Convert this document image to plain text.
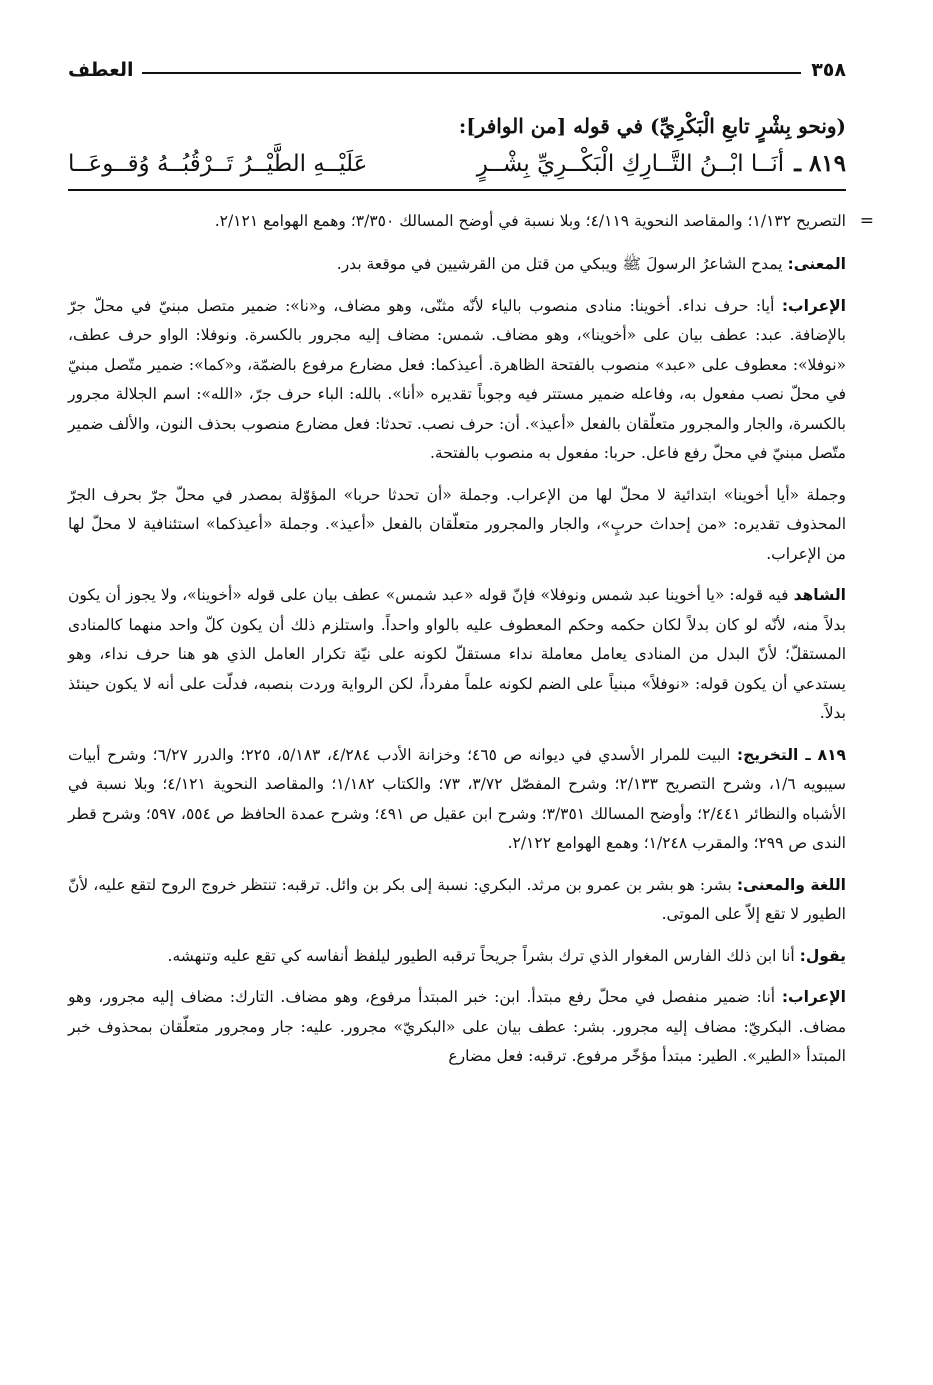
٣٥٨
العطف
(ونحو بِشْرٍ تابعِ الْبَكْرِيِّ) في قوله [من الوافر]:
٨١٩ ـ
أنَــا ابْــنُ التَّــارِكِ الْبَكْــرِيِّ بِشْــرٍ
عَلَيْــهِ الطَّيْــرُ تَــرْقُبُــهُ وُقــوعَــا
=
التصريح ١/١٣٢؛ والمقاصد النحوية ٤/١١٩؛ وبلا نسبة في أوضح المسالك ٣/٣٥٠؛ وهمع الهوامع ٢/١٢١.
المعنى: يمدح الشاعرُ الرسولَ ﷺ ويبكي من قتل من القرشيين في موقعة بدر.
الإعراب: أيا: حرف نداء. أخوينا: منادى منصوب بالياء لأنّه مثنّى، وهو مضاف، و«نا»: ضمير متصل مبنيّ في محلّ جرّ بالإضافة. عبد: عطف بيان على «أخوينا»، وهو مضاف. شمس: مضاف إليه مجرور بالكسرة. ونوفلا: الواو حرف عطف، «نوفلا»: معطوف على «عبد» منصوب بالفتحة الظاهرة. أعيذكما: فعل مضارع مرفوع بالضمّة، و«كما»: ضمير متّصل مبنيّ في محلّ نصب مفعول به، وفاعله ضمير مستتر فيه وجوباً تقديره «أنا». بالله: الباء حرف جرّ، «الله»: اسم الجلالة مجرور بالكسرة، والجار والمجرور متعلّقان بالفعل «أعيذ». أن: حرف نصب. تحدثا: فعل مضارع منصوب بحذف النون، والألف ضمير متّصل مبنيّ في محلّ رفع فاعل. حربا: مفعول به منصوب بالفتحة.
وجملة «أيا أخوينا» ابتدائية لا محلّ لها من الإعراب. وجملة «أن تحدثا حربا» المؤوّلة بمصدر في محلّ جرّ بحرف الجرّ المحذوف تقديره: «من إحداث حربٍ»، والجار والمجرور متعلّقان بالفعل «أعيذ». وجملة «أعيذكما» استئنافية لا محلّ لها من الإعراب.
الشاهد فيه قوله: «يا أخوينا عبد شمس ونوفلا» فإنّ قوله «عبد شمس» عطف بيان على قوله «أخوينا»، ولا يجوز أن يكون بدلاً منه، لأنّه لو كان بدلاً لكان حكمه وحكم المعطوف عليه بالواو واحداً. واستلزم ذلك أن يكون كلّ واحد منهما كالمنادى المستقلّ؛ لأنّ البدل من المنادى يعامل معاملة نداء مستقلّ لكونه على نيّة تكرار العامل الذي هو هنا حرف نداء، وهو يستدعي أن يكون قوله: «نوفلاً» مبنياً على الضم لكونه علماً مفرداً، لكن الرواية وردت بنصبه، فدلّت على أنه لا يكون حينئذ بدلاً.
٨١٩ ـ التخريج: البيت للمرار الأسدي في ديوانه ص ٤٦٥؛ وخزانة الأدب ٤/٢٨٤، ٥/١٨٣، ٢٢٥؛ والدرر ٦/٢٧؛ وشرح أبيات سيبويه ١/٦، وشرح التصريح ٢/١٣٣؛ وشرح المفصّل ٣/٧٢، ٧٣؛ والكتاب ١/١٨٢؛ والمقاصد النحوية ٤/١٢١؛ وبلا نسبة في الأشباه والنظائر ٢/٤٤١؛ وأوضح المسالك ٣/٣٥١؛ وشرح ابن عقيل ص ٤٩١؛ وشرح عمدة الحافظ ص ٥٥٤، ٥٩٧؛ وشرح قطر الندى ص ٢٩٩؛ والمقرب ١/٢٤٨؛ وهمع الهوامع ٢/١٢٢.
اللغة والمعنى: بشر: هو بشر بن عمرو بن مرثد. البكري: نسبة إلى بكر بن وائل. ترقبه: تنتظر خروج الروح لتقع عليه، لأنّ الطيور لا تقع إلاّ على الموتى.
يقول: أنا ابن ذلك الفارس المغوار الذي ترك بشراً جريحاً ترقبه الطيور ليلفظ أنفاسه كي تقع عليه وتنهشه.
الإعراب: أنا: ضمير منفصل في محلّ رفع مبتدأ. ابن: خبر المبتدأ مرفوع، وهو مضاف. التارك: مضاف إليه مجرور، وهو مضاف. البكريّ: مضاف إليه مجرور. بشر: عطف بيان على «البكريّ» مجرور. عليه: جار ومجرور متعلّقان بمحذوف خبر المبتدأ «الطير». الطير: مبتدأ مؤخّر مرفوع. ترقبه: فعل مضارع
